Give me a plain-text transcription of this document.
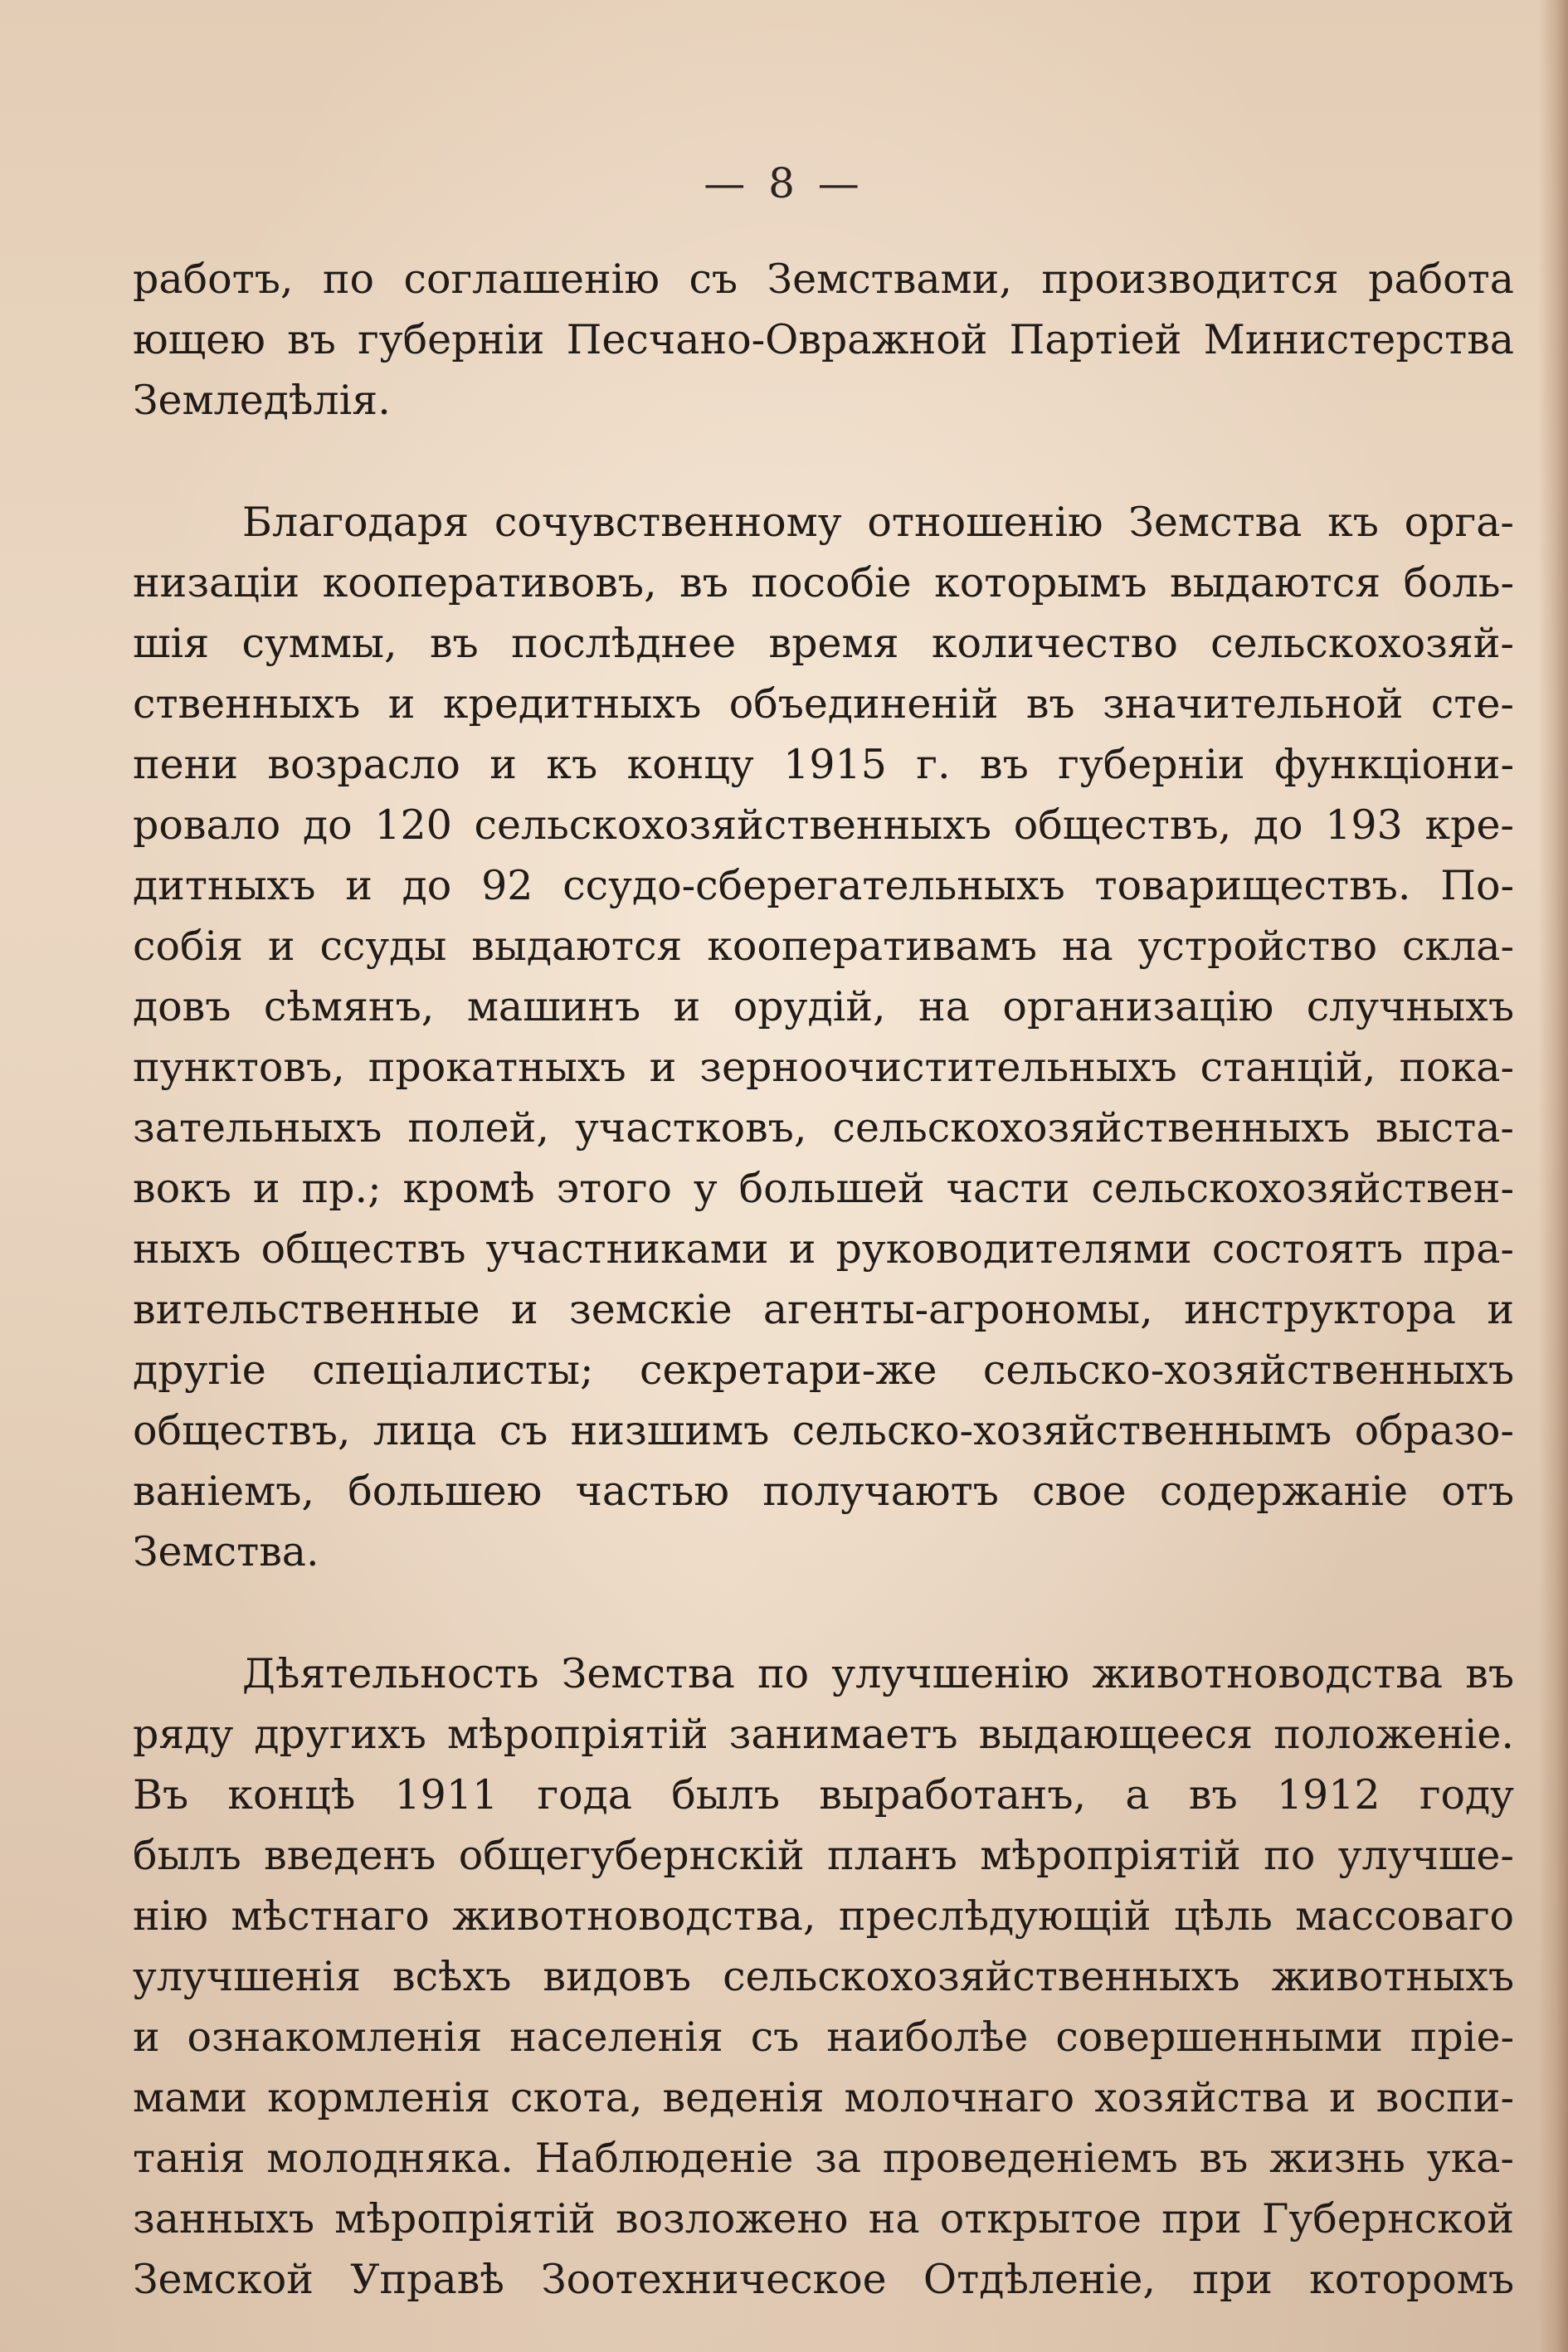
— 8 —
работъ, по соглашенію съ Земствами, производится работа
ющею въ губерніи Песчано-Овражной Партіей Министерства
Земледѣлія.
Благодаря сочувственному отношенію Земства къ орга-
низаціи кооперативовъ, въ пособіе которымъ выдаются боль-
шія суммы, въ послѣднее время количество сельскохозяй-
ственныхъ и кредитныхъ объединеній въ значительной сте-
пени возрасло и къ концу 1915 г. въ губерніи функціони-
ровало до 120 сельскохозяйственныхъ обществъ, до 193 кре-
дитныхъ и до 92 ссудо-сберегательныхъ товариществъ. По-
собія и ссуды выдаются кооперативамъ на устройство скла-
довъ сѣмянъ, машинъ и орудій, на организацію случныхъ
пунктовъ, прокатныхъ и зерноочистительныхъ станцій, пока-
зательныхъ полей, участковъ, сельскохозяйственныхъ выста-
вокъ и пр.; кромѣ этого у большей части сельскохозяйствен-
ныхъ обществъ участниками и руководителями состоятъ пра-
вительственные и земскіе агенты-агрономы, инструктора и
другіе спеціалисты; секретари-же сельско-хозяйственныхъ
обществъ, лица съ низшимъ сельско-хозяйственнымъ образо-
ваніемъ, большею частью получаютъ свое содержаніе отъ
Земства.
Дѣятельность Земства по улучшенію животноводства въ
ряду другихъ мѣропріятій занимаетъ выдающееся положеніе.
Въ концѣ 1911 года былъ выработанъ, а въ 1912 году
былъ введенъ общегубернскій планъ мѣропріятій по улучше-
нію мѣстнаго животноводства, преслѣдующій цѣль массоваго
улучшенія всѣхъ видовъ сельскохозяйственныхъ животныхъ
и ознакомленія населенія съ наиболѣе совершенными пріе-
мами кормленія скота, веденія молочнаго хозяйства и воспи-
танія молодняка. Наблюденіе за проведеніемъ въ жизнь ука-
занныхъ мѣропріятій возложено на открытое при Губернской
Земской Управѣ Зоотехническое Отдѣленіе, при которомъ
